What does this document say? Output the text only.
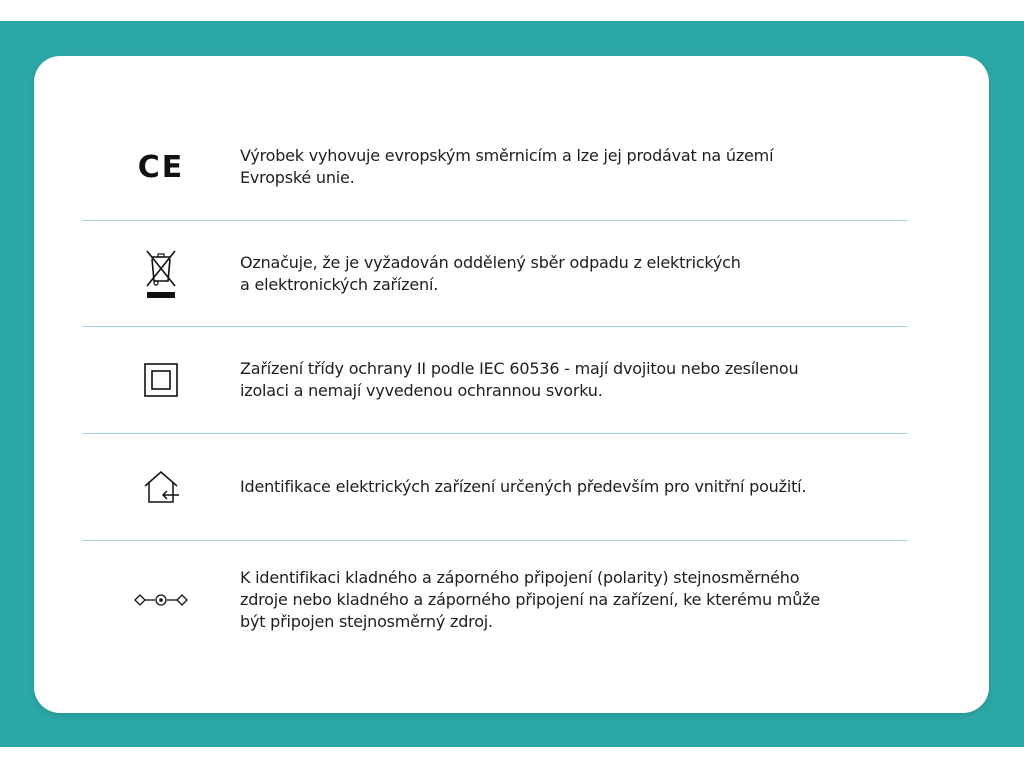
CE	Výrobek vyhovuje evropským směrnicím a lze jej prodávat na území
Evropské unie.
Označuje, že je vyžadován oddělený sběr odpadu z elektrických
a elektronických zařízení.
Zařízení třídy ochrany II podle IEC 60536 - mají dvojitou nebo zesílenou
izolaci a nemají vyvedenou ochrannou svorku.
Identifikace elektrických zařízení určených především pro vnitřní použití.
K identifikaci kladného a záporného připojení (polarity) stejnosměrného
zdroje nebo kladného a záporného připojení na zařízení, ke kterému může
být připojen stejnosměrný zdroj.
